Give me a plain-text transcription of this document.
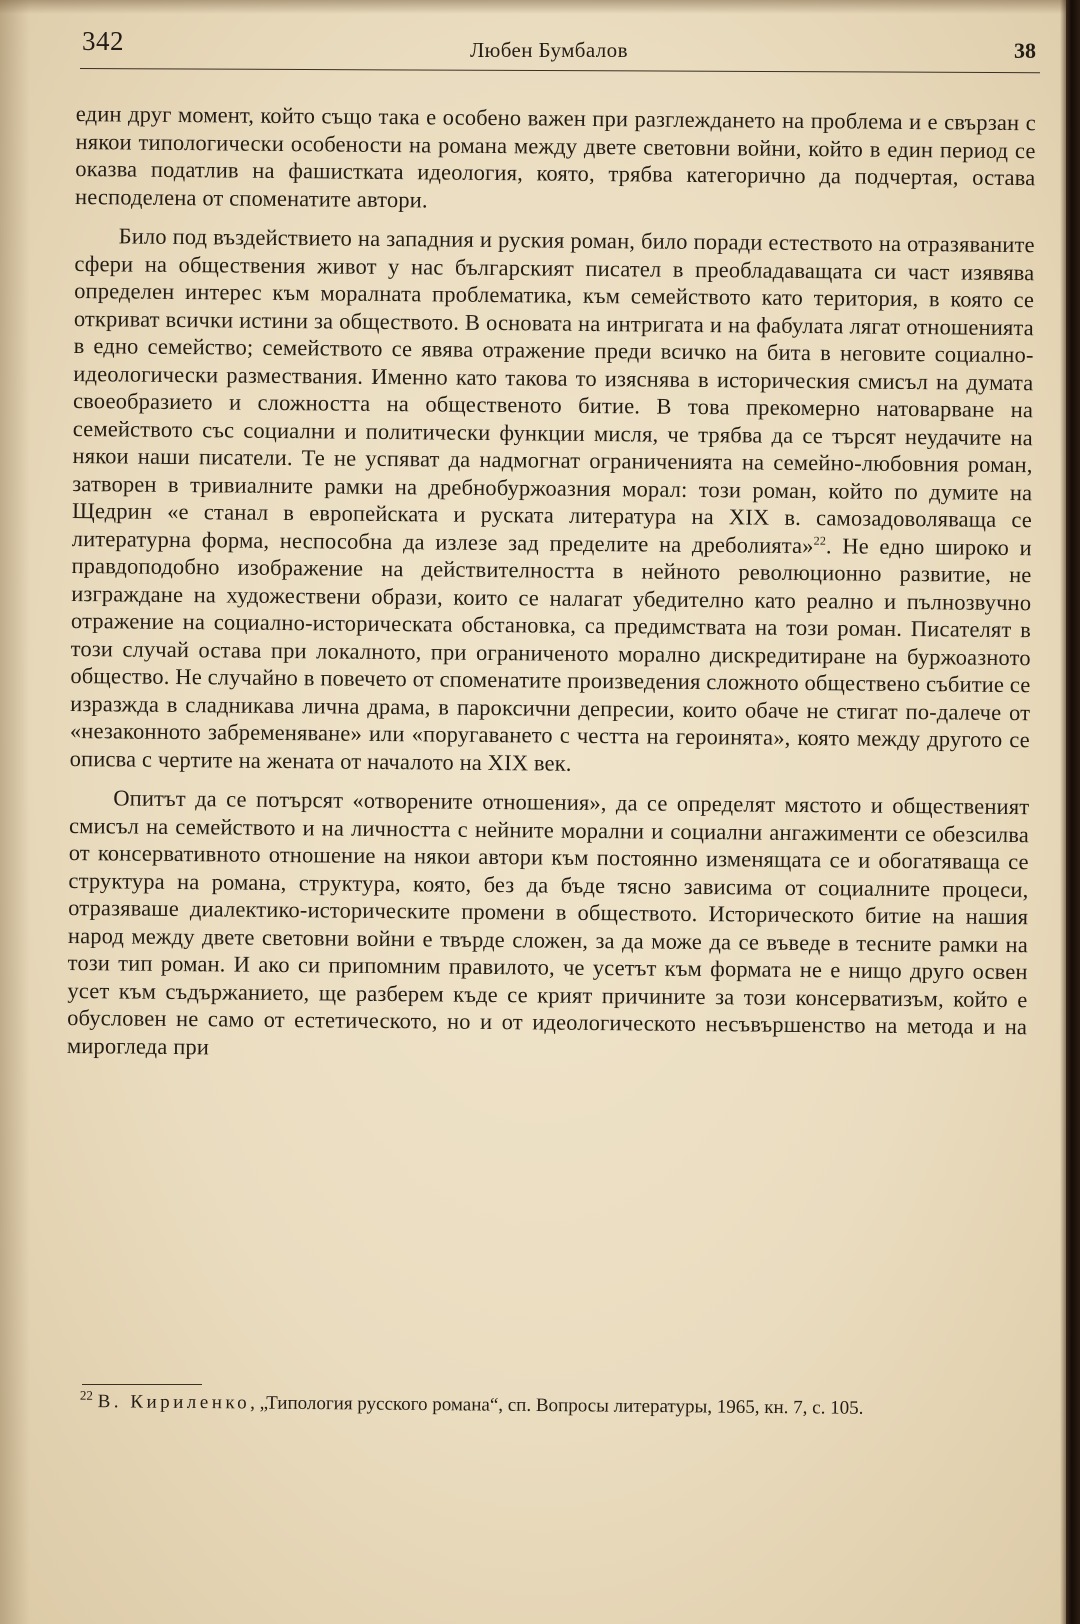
342	Любен Бумбалов	38

един друг момент, който също така е особено важен при разглеждането на проблема и е свързан с някои типологически особености на романа между двете световни войни, който в един период се оказва податлив на фашистката идеология, която, трябва категорично да подчертая, остава несподелена от споменатите автори.

Било под въздействието на западния и руския роман, било поради естеството на отразяваните сфери на обществения живот у нас българският писател в преобладаващата си част изявява определен интерес към моралната проблематика, към семейството като територия, в която се откриват всички истини за обществото. В основата на интригата и на фабулата лягат отношенията в едно семейство; семейството се явява отражение преди всичко на бита в неговите социално-идеологически размествания. Именно като такова то изяснява в историческия смисъл на думата своеобразието и сложността на общественото битие. В това прекомерно натоварване на семейството със социални и политически функции мисля, че трябва да се търсят неудачите на някои наши писатели. Те не успяват да надмогнат ограниченията на семейно-любовния роман, затворен в тривиалните рамки на дребнобуржоазния морал: този роман, който по думите на Щедрин «е станал в европейската и руската литература на XIX в. самозадоволяваща се литературна форма, неспособна да излезе зад пределите на дреболията»$^{22}$. Не едно широко и правдоподобно изображение на действителността в нейното революционно развитие, не изграждане на художествени образи, които се налагат убедително като реално и пълнозвучно отражение на социално-историческата обстановка, са предимствата на този роман. Писателят в този случай остава при локалното, при ограниченото морално дискредитиране на буржоазното общество. Не случайно в повечето от споменатите произведения сложното обществено събитие се изразжда в сладникава лична драма, в пароксични депресии, които обаче не стигат по-далече от «незаконното забременяване» или «поругаването с честта на героинята», която между другото се описва с чертите на жената от началото на XIX век.

Опитът да се потърсят «отворените отношения», да се определят мястото и общественият смисъл на семейството и на личността с нейните морални и социални ангажименти се обезсилва от консервативното отношение на някои автори към постоянно изменящата се и обогатяваща се структура на романа, структура, която, без да бъде тясно зависима от социалните процеси, отразяваше диалектико-историческите промени в обществото. Историческото битие на нашия народ между двете световни войни е твърде сложен, за да може да се въведе в тесните рамки на този тип роман. И ако си припомним правилото, че усетът към формата не е нищо друго освен усет към съдържанието, ще разберем къде се крият причините за този консерватизъм, който е обусловен не само от естетическото, но и от идеологическото несъвършенство на метода и на мирогледа при

$^{22}$ В. Кириленко, „Типология русского романа“, сп. Вопросы литературы, 1965, кн. 7, с. 105.
